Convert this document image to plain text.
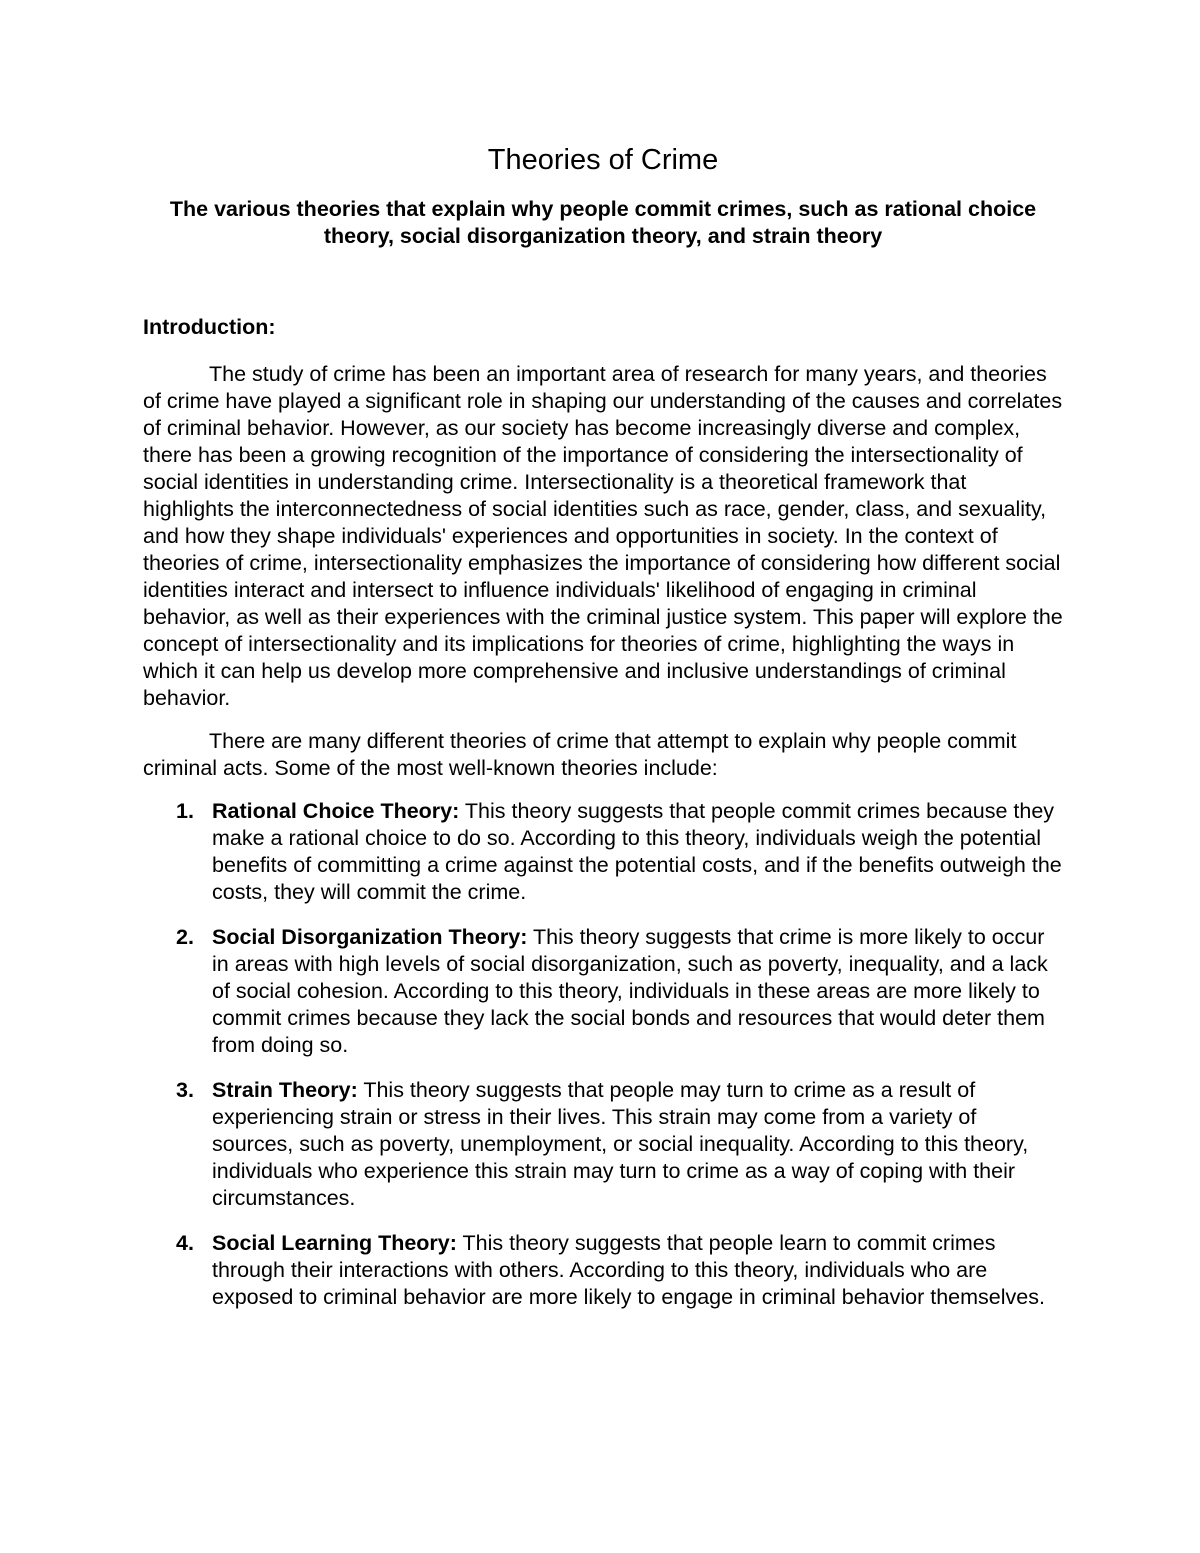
Theories of Crime
The various theories that explain why people commit crimes, such as rational choice theory, social disorganization theory, and strain theory
Introduction:

The study of crime has been an important area of research for many years, and theories of crime have played a significant role in shaping our understanding of the causes and correlates of criminal behavior. However, as our society has become increasingly diverse and complex, there has been a growing recognition of the importance of considering the intersectionality of social identities in understanding crime. Intersectionality is a theoretical framework that highlights the interconnectedness of social identities such as race, gender, class, and sexuality, and how they shape individuals' experiences and opportunities in society. In the context of theories of crime, intersectionality emphasizes the importance of considering how different social identities interact and intersect to influence individuals' likelihood of engaging in criminal behavior, as well as their experiences with the criminal justice system. This paper will explore the concept of intersectionality and its implications for theories of crime, highlighting the ways in which it can help us develop more comprehensive and inclusive understandings of criminal behavior.

There are many different theories of crime that attempt to explain why people commit criminal acts. Some of the most well-known theories include:

1. Rational Choice Theory: This theory suggests that people commit crimes because they make a rational choice to do so. According to this theory, individuals weigh the potential benefits of committing a crime against the potential costs, and if the benefits outweigh the costs, they will commit the crime.
2. Social Disorganization Theory: This theory suggests that crime is more likely to occur in areas with high levels of social disorganization, such as poverty, inequality, and a lack of social cohesion. According to this theory, individuals in these areas are more likely to commit crimes because they lack the social bonds and resources that would deter them from doing so.
3. Strain Theory: This theory suggests that people may turn to crime as a result of experiencing strain or stress in their lives. This strain may come from a variety of sources, such as poverty, unemployment, or social inequality. According to this theory, individuals who experience this strain may turn to crime as a way of coping with their circumstances.
4. Social Learning Theory: This theory suggests that people learn to commit crimes through their interactions with others. According to this theory, individuals who are exposed to criminal behavior are more likely to engage in criminal behavior themselves.
